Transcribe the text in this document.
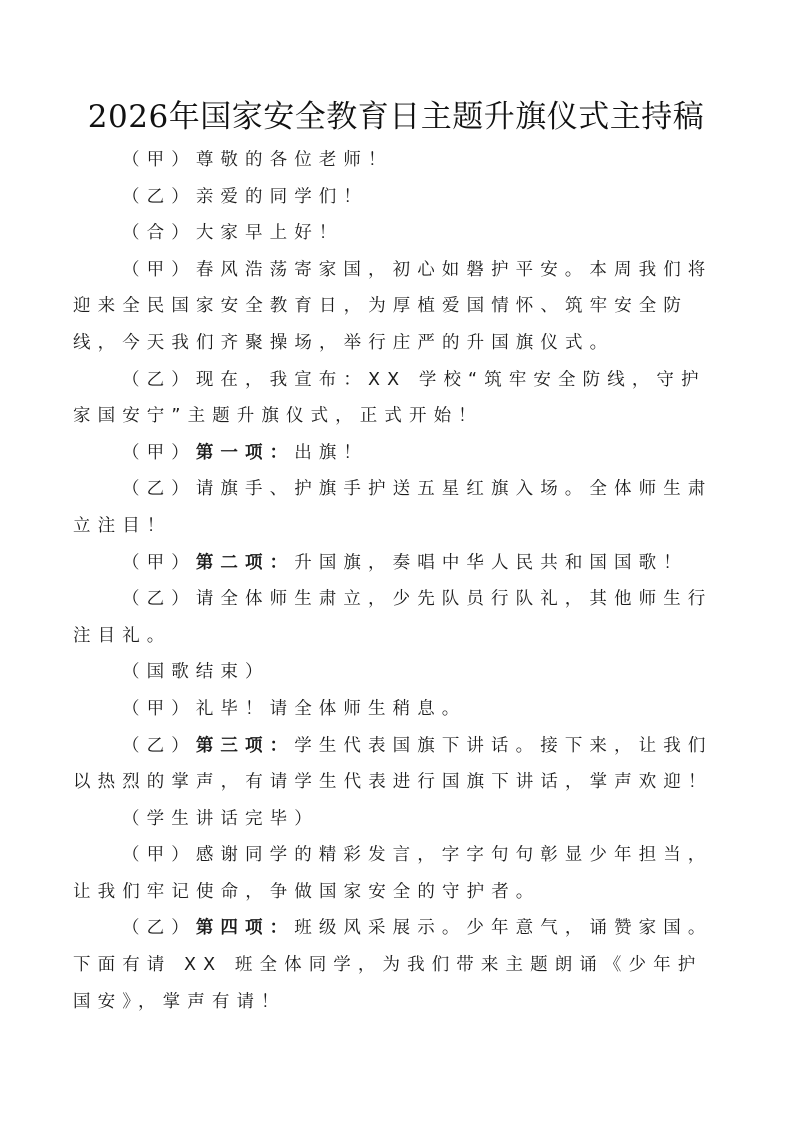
2026年国家安全教育日主题升旗仪式主持稿

（甲）尊敬的各位老师！

（乙）亲爱的同学们！

（合）大家早上好！

（甲）春风浩荡寄家国，初心如磐护平安。本周我们将迎来全民国家安全教育日，为厚植爱国情怀、筑牢安全防线，今天我们齐聚操场，举行庄严的升国旗仪式。

（乙）现在，我宣布：XX 学校“筑牢安全防线，守护家国安宁”主题升旗仪式，正式开始！

（甲）第一项：出旗！

（乙）请旗手、护旗手护送五星红旗入场。全体师生肃立注目！

（甲）第二项：升国旗，奏唱中华人民共和国国歌！

（乙）请全体师生肃立，少先队员行队礼，其他师生行注目礼。

（国歌结束）

（甲）礼毕！请全体师生稍息。

（乙）第三项：学生代表国旗下讲话。接下来，让我们以热烈的掌声，有请学生代表进行国旗下讲话，掌声欢迎！

（学生讲话完毕）

（甲）感谢同学的精彩发言，字字句句彰显少年担当，让我们牢记使命，争做国家安全的守护者。

（乙）第四项：班级风采展示。少年意气，诵赞家国。下面有请 XX 班全体同学，为我们带来主题朗诵《少年护国安》，掌声有请！
